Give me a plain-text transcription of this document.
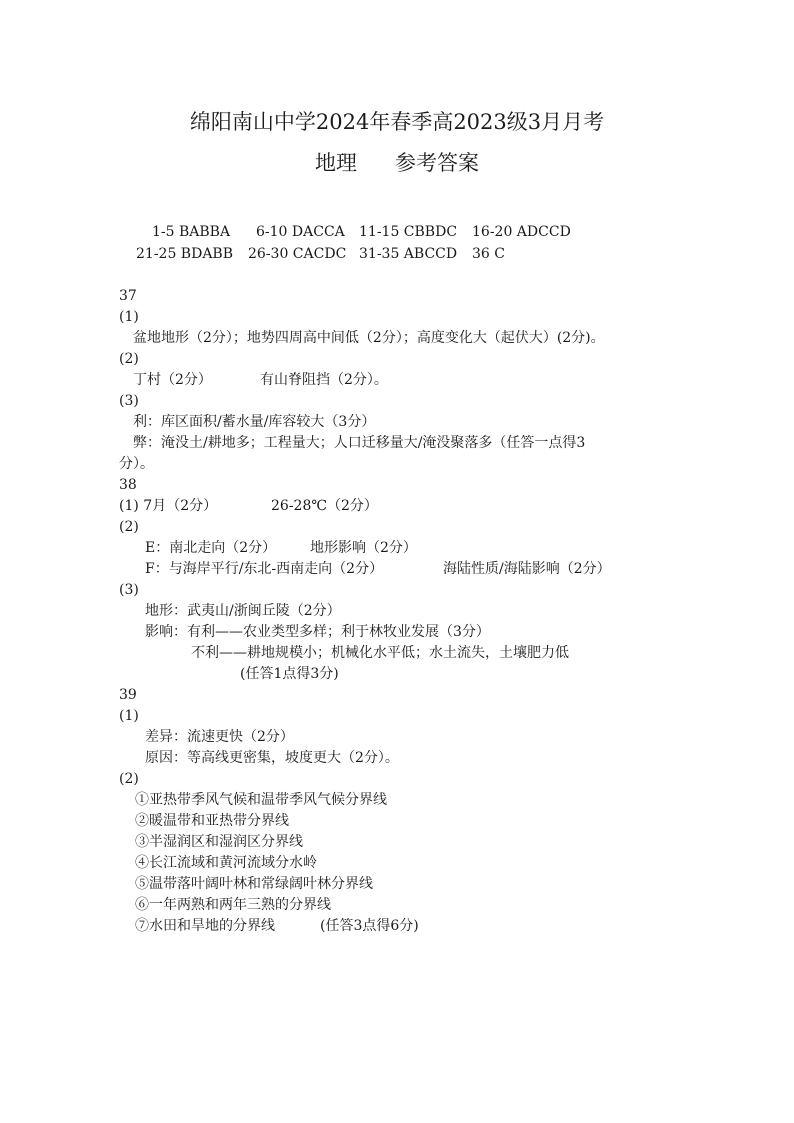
绵阳南山中学2024年春季高2023级3月月考
地理 参考答案
1-5 BABBA 6-10 DACCA 11-15 CBBDC 16-20 ADCCD
21-25 BDABB 26-30 CACDC 31-35 ABCCD 36 C
37
(1)
盆地地形（2分）；地势四周高中间低（2分）；高度变化大（起伏大）(2分)。
(2)
丁村（2分）	有山脊阻挡（2分）。
(3)
利：库区面积/蓄水量/库容较大（3分）
弊：淹没土/耕地多；工程量大；人口迁移量大/淹没聚落多（任答一点得3
分）。
38
(1) 7月（2分）	26-28℃（2分）
(2)
E：南北走向（2分） 地形影响（2分）
F：与海岸平行/东北-西南走向（2分）	海陆性质/海陆影响（2分）
(3)
地形：武夷山/浙闽丘陵（2分）
影响：有利——农业类型多样；利于林牧业发展（3分）
不利——耕地规模小；机械化水平低；水土流失，土壤肥力低
(任答1点得3分)
39
(1)
差异：流速更快（2分）
原因：等高线更密集，坡度更大（2分）。
(2)
①亚热带季风气候和温带季风气候分界线
②暖温带和亚热带分界线
③半湿润区和湿润区分界线
④长江流域和黄河流域分水岭
⑤温带落叶阔叶林和常绿阔叶林分界线
⑥一年两熟和两年三熟的分界线
⑦水田和旱地的分界线	(任答3点得6分)
